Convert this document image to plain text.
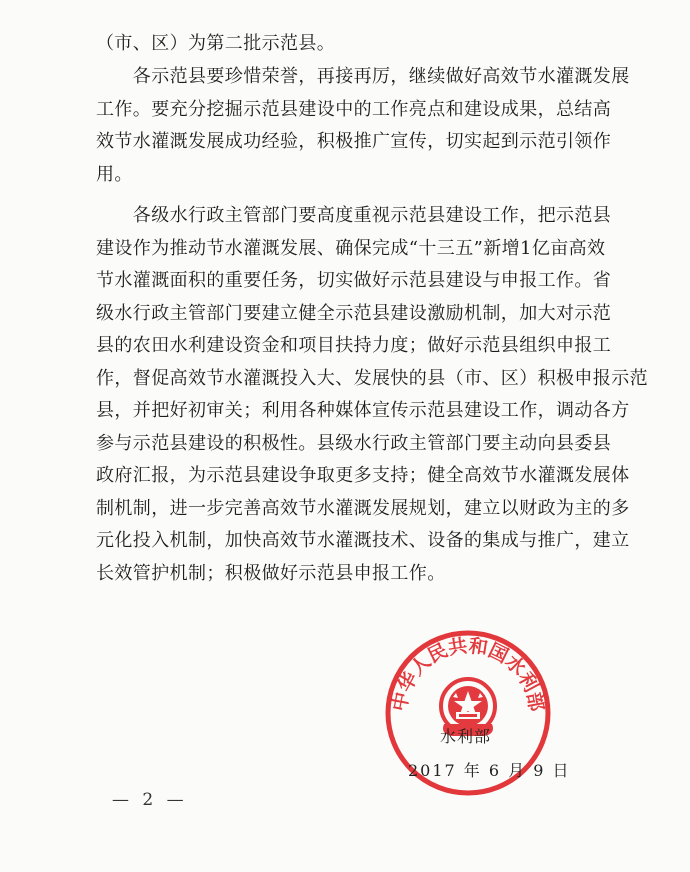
（市、区）为第二批示范县。

　　各示范县要珍惜荣誉，再接再厉，继续做好高效节水灌溉发展
工作。要充分挖掘示范县建设中的工作亮点和建设成果，总结高
效节水灌溉发展成功经验，积极推广宣传，切实起到示范引领作
用。

　　各级水行政主管部门要高度重视示范县建设工作，把示范县
建设作为推动节水灌溉发展、确保完成“十三五”新增1亿亩高效
节水灌溉面积的重要任务，切实做好示范县建设与申报工作。省
级水行政主管部门要建立健全示范县建设激励机制，加大对示范
县的农田水利建设资金和项目扶持力度；做好示范县组织申报工
作，督促高效节水灌溉投入大、发展快的县（市、区）积极申报示范
县，并把好初审关；利用各种媒体宣传示范县建设工作，调动各方
参与示范县建设的积极性。县级水行政主管部门要主动向县委县
政府汇报，为示范县建设争取更多支持；健全高效节水灌溉发展体
制机制，进一步完善高效节水灌溉发展规划，建立以财政为主的多
元化投入机制，加快高效节水灌溉技术、设备的集成与推广，建立
长效管护机制；积极做好示范县申报工作。

中华人民共和国水利部
水利部
2017 年 6 月 9 日
— 2 —
